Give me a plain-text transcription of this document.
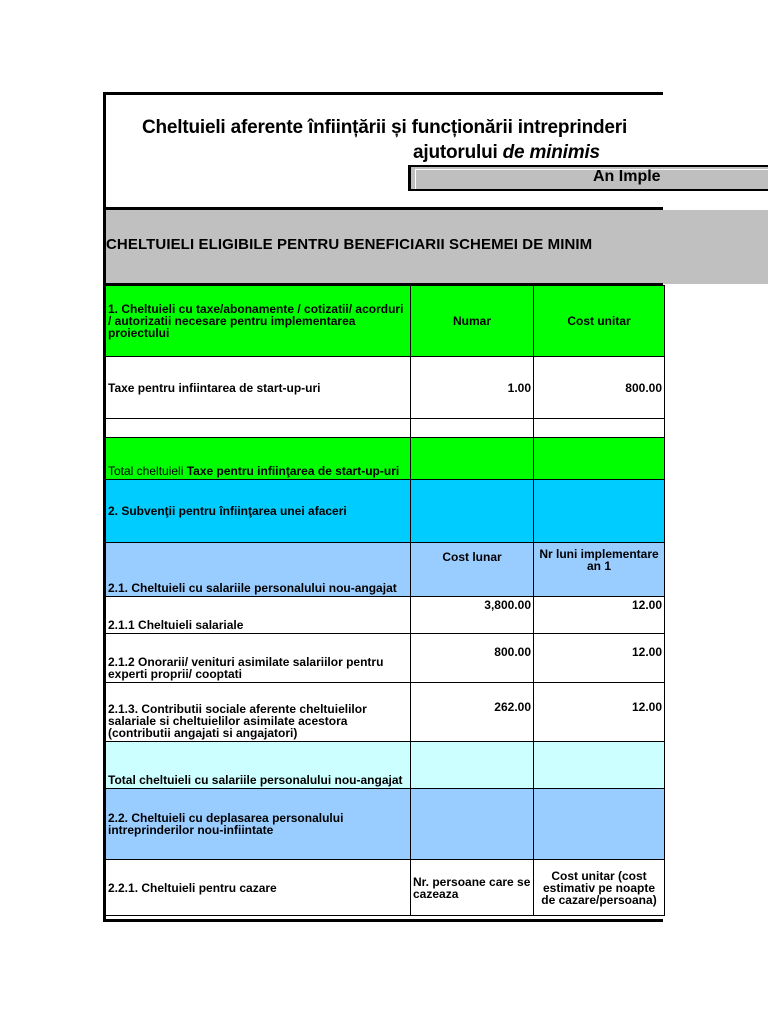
Cheltuieli aferente înființării și funcționării intreprinderi
ajutorului de minimis
An Imple
CHELTUIELI ELIGIBILE PENTRU BENEFICIARII SCHEMEI DE MINIM
1. Cheltuieli cu taxe/abonamente / cotizatii/ acorduri / autorizatii necesare pentru implementarea proiectului	Numar	Cost unitar
Taxe pentru infiintarea de start-up-uri	1.00	800.00

Total cheltuieli Taxe pentru infiinţarea de start-up-uri		
2. Subvenţii pentru înfiinţarea unei afaceri		
2.1. Cheltuieli cu salariile personalului nou-angajat	Cost lunar	Nr luni implementare an 1
2.1.1 Cheltuieli salariale	3,800.00	12.00
2.1.2 Onorarii/ venituri asimilate salariilor pentru experti proprii/ cooptati	800.00	12.00
2.1.3. Contributii sociale aferente cheltuielilor salariale si cheltuielilor asimilate acestora (contributii angajati si angajatori)	262.00	12.00
Total cheltuieli cu salariile personalului nou-angajat		
2.2. Cheltuieli cu deplasarea personalului intreprinderilor nou-infiintate		
2.2.1. Cheltuieli pentru cazare	Nr. persoane care se cazeaza	Cost unitar (cost estimativ pe noapte de cazare/persoana)
